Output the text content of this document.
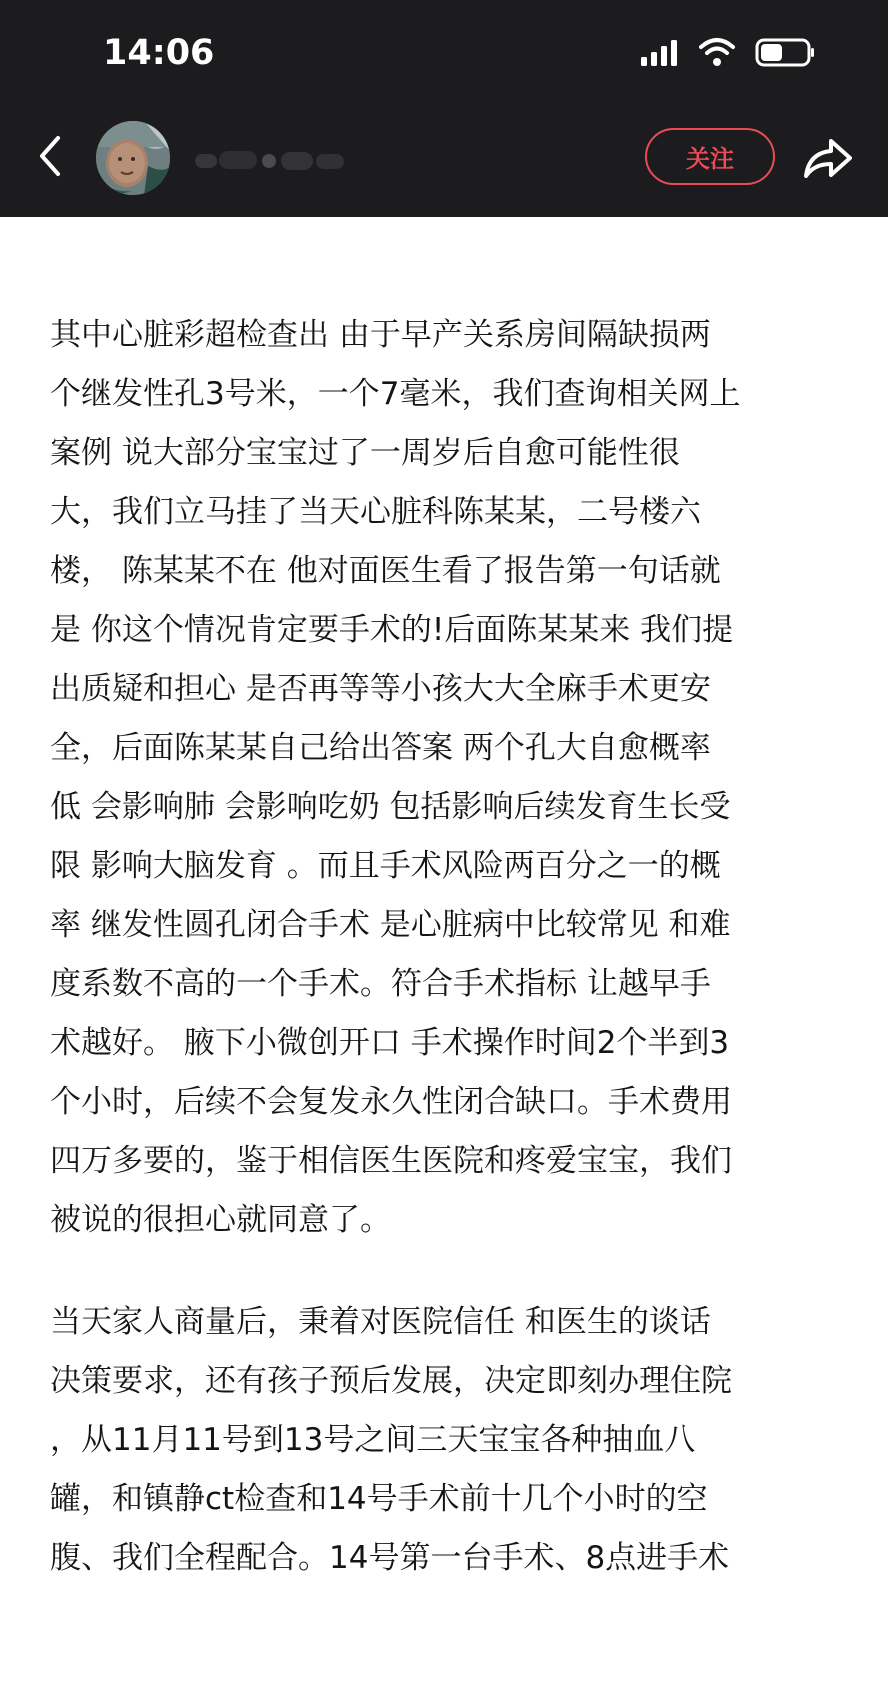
14:06
关注

其中心脏彩超检查出 由于早产关系房间隔缺损两
个继发性孔3号米，一个7毫米，我们查询相关网上
案例 说大部分宝宝过了一周岁后自愈可能性很
大，我们立马挂了当天心脏科陈某某，二号楼六
楼， 陈某某不在 他对面医生看了报告第一句话就
是 你这个情况肯定要手术的!后面陈某某来 我们提
出质疑和担心 是否再等等小孩大大全麻手术更安
全，后面陈某某自己给出答案 两个孔大自愈概率
低 会影响肺 会影响吃奶 包括影响后续发育生长受
限 影响大脑发育 。而且手术风险两百分之一的概
率 继发性圆孔闭合手术 是心脏病中比较常见 和难
度系数不高的一个手术。符合手术指标 让越早手
术越好。 腋下小微创开口 手术操作时间2个半到3
个小时，后续不会复发永久性闭合缺口。手术费用
四万多要的，鉴于相信医生医院和疼爱宝宝，我们
被说的很担心就同意了。

当天家人商量后，秉着对医院信任 和医生的谈话
决策要求，还有孩子预后发展，决定即刻办理住院
，从11月11号到13号之间三天宝宝各种抽血八
罐，和镇静ct检查和14号手术前十几个小时的空
腹、我们全程配合。14号第一台手术、8点进手术
